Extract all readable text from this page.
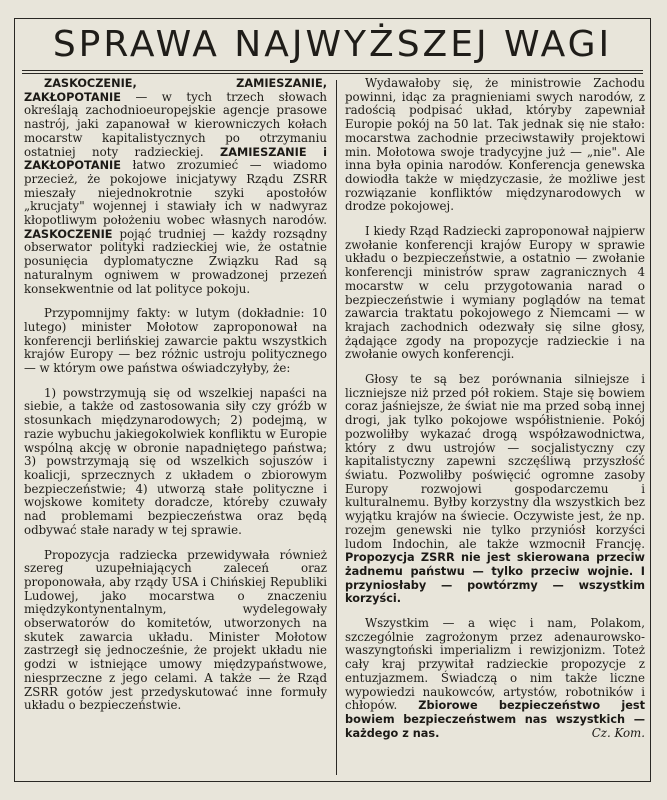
SPRAWA NAJWYŻSZEJ WAGI

ZASKOCZENIE, ZAMIESZANIE, ZAKŁOPOTANIE — w tych trzech słowach określają zachodnioeuropejskie agencje prasowe nastrój, jaki zapanował w kierowniczych kołach mocarstw kapitalistycznych po otrzymaniu ostatniej noty radzieckiej. ZAMIESZANIE i ZAKŁOPOTANIE łatwo zrozumieć — wiadomo przecież, że pokojowe inicjatywy Rządu ZSRR mieszały niejednokrotnie szyki apostołów „krucjaty" wojennej i stawiały ich w nadwyraz kłopotliwym położeniu wobec własnych narodów. ZASKOCZENIE pojąć trudniej — każdy rozsądny obserwator polityki radzieckiej wie, że ostatnie posunięcia dyplomatyczne Związku Rad są naturalnym ogniwem w prowadzonej przezeń konsekwentnie od lat polityce pokoju.

Przypomnijmy fakty: w lutym (dokładnie: 10 lutego) minister Mołotow zaproponował na konferencji berlińskiej zawarcie paktu wszystkich krajów Europy — bez różnic ustroju politycznego — w którym owe państwa oświadczyłyby, że:

1) powstrzymują się od wszelkiej napaści na siebie, a także od zastosowania siły czy gróźb w stosunkach międzynarodowych; 2) podejmą, w razie wybuchu jakiegokolwiek konfliktu w Europie wspólną akcję w obronie napadniętego państwa; 3) powstrzymają się od wszelkich sojuszów i koalicji, sprzecznych z układem o zbiorowym bezpieczeństwie; 4) utworzą stałe polityczne i wojskowe komitety doradcze, któreby czuwały nad problemami bezpieczeństwa oraz będą odbywać stałe narady w tej sprawie.

Propozycja radziecka przewidywała również szereg uzupełniających zaleceń oraz proponowała, aby rządy USA i Chińskiej Republiki Ludowej, jako mocarstwa o znaczeniu międzykontynentalnym, wydelegowały obserwatorów do komitetów, utworzonych na skutek zawarcia układu. Minister Mołotow zastrzegł się jednocześnie, że projekt układu nie godzi w istniejące umowy międzypaństwowe, niesprzeczne z jego celami. A także — że Rząd ZSRR gotów jest przedyskutować inne formuły układu o bezpieczeństwie.

Wydawałoby się, że ministrowie Zachodu powinni, idąc za pragnieniami swych narodów, z radością podpisać układ, któryby zapewniał Europie pokój na 50 lat. Tak jednak się nie stało: mocarstwa zachodnie przeciwstawiły projektowi min. Mołotowa swoje tradycyjne już — „nie". Ale inna była opinia narodów. Konferencja genewska dowiodła także w międzyczasie, że możliwe jest rozwiązanie konfliktów międzynarodowych w drodze pokojowej.

I kiedy Rząd Radziecki zaproponował najpierw zwołanie konferencji krajów Europy w sprawie układu o bezpieczeństwie, a ostatnio — zwołanie konferencji ministrów spraw zagranicznych 4 mocarstw w celu przygotowania narad o bezpieczeństwie i wymiany poglądów na temat zawarcia traktatu pokojowego z Niemcami — w krajach zachodnich odezwały się silne głosy, żądające zgody na propozycje radzieckie i na zwołanie owych konferencji.

Głosy te są bez porównania silniejsze i liczniejsze niż przed pół rokiem. Staje się bowiem coraz jaśniejsze, że świat nie ma przed sobą innej drogi, jak tylko pokojowe współistnienie. Pokój pozwoliłby wykazać drogą współzawodnictwa, który z dwu ustrojów — socjalistyczny czy kapitalistyczny zapewni szczęśliwą przyszłość światu. Pozwoliłby poświęcić ogromne zasoby Europy rozwojowi gospodarczemu i kulturalnemu. Byłby korzystny dla wszystkich bez wyjątku krajów na świecie. Oczywiste jest, że np. rozejm genewski nie tylko przyniósł korzyści ludom Indochin, ale także wzmocnił Francję. Propozycja ZSRR nie jest skierowana przeciw żadnemu państwu — tylko przeciw wojnie. I przyniosłaby — powtórzmy — wszystkim korzyści.

Wszystkim — a więc i nam, Polakom, szczególnie zagrożonym przez adenaurowsko-waszyngtoński imperializm i rewizjonizm. Toteż cały kraj przywitał radzieckie propozycje z entuzjazmem. Świadczą o nim także liczne wypowiedzi naukowców, artystów, robotników i chłopów. Zbiorowe bezpieczeństwo jest bowiem bezpieczeństwem nas wszystkich — każdego z nas.	Cz. Kom.
